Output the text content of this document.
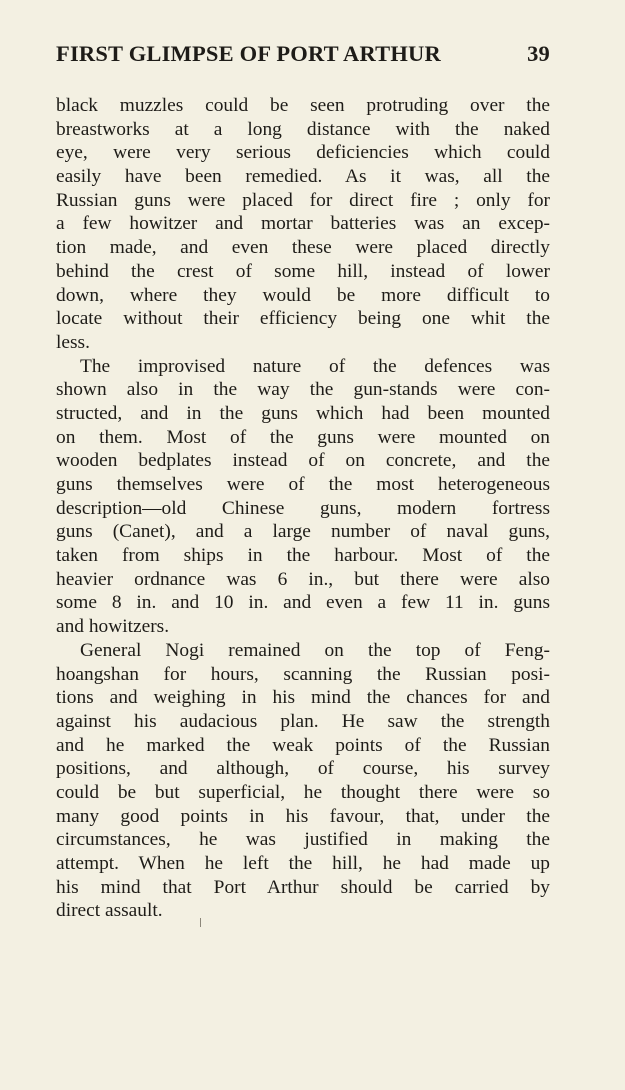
FIRST GLIMPSE OF PORT ARTHUR	39
black muzzles could be seen protruding over the
breastworks at a long distance with the naked
eye, were very serious deficiencies which could
easily have been remedied. As it was, all the
Russian guns were placed for direct fire ; only for
a few howitzer and mortar batteries was an excep-
tion made, and even these were placed directly
behind the crest of some hill, instead of lower
down, where they would be more difficult to
locate without their efficiency being one whit the
less.
The improvised nature of the defences was
shown also in the way the gun-stands were con-
structed, and in the guns which had been mounted
on them. Most of the guns were mounted on
wooden bedplates instead of on concrete, and the
guns themselves were of the most heterogeneous
description—old Chinese guns, modern fortress
guns (Canet), and a large number of naval guns,
taken from ships in the harbour. Most of the
heavier ordnance was 6 in., but there were also
some 8 in. and 10 in. and even a few 11 in. guns
and howitzers.
General Nogi remained on the top of Feng-
hoangshan for hours, scanning the Russian posi-
tions and weighing in his mind the chances for and
against his audacious plan. He saw the strength
and he marked the weak points of the Russian
positions, and although, of course, his survey
could be but superficial, he thought there were so
many good points in his favour, that, under the
circumstances, he was justified in making the
attempt. When he left the hill, he had made up
his mind that Port Arthur should be carried by
direct assault.
